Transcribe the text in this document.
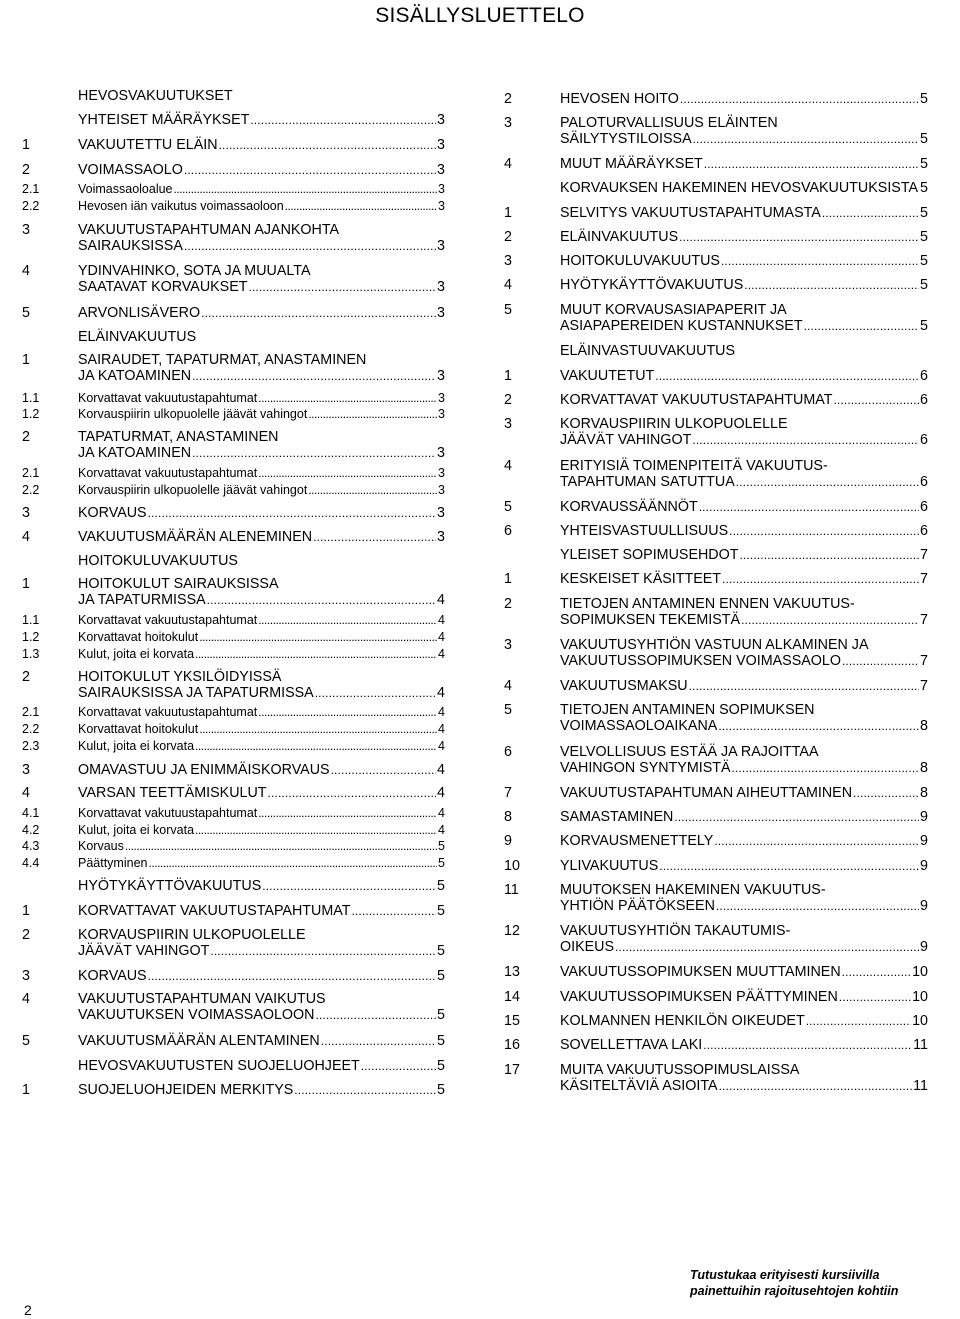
SISÄLLYSLUETTELO
HEVOSVAKUUTUKSET
YHTEISET MÄÄRÄYKSET . . .	3
1	VAKUUTETTU ELÄIN . . .	3
2	VOIMASSAOLO . . .	3
2.1	Voimassaoloalue . . .	3
2.2	Hevosen iän vaikutus voimassaoloon . . .	3
3	VAKUUTUSTAPAHTUMAN AJANKOHTA
SAIRAUKSISSA . . .	3
4	YDINVAHINKO, SOTA JA MUUALTA
SAATAVAT KORVAUKSET . . .	3
5	ARVONLISÄVERO . . .	3
ELÄINVAKUUTUS
1	SAIRAUDET, TAPATURMAT, ANASTAMINEN
JA KATOAMINEN . . .	3
1.1	Korvattavat vakuutustapahtumat . . .	3
1.2	Korvauspiirin ulkopuolelle jäävät vahingot . . .	3
2	TAPATURMAT, ANASTAMINEN
JA KATOAMINEN . . .	3
2.1	Korvattavat vakuutustapahtumat . . .	3
2.2	Korvauspiirin ulkopuolelle jäävät vahingot . . .	3
3	KORVAUS . . .	3
4	VAKUUTUSMÄÄRÄN ALENEMINEN . . .	3
HOITOKULUVAKUUTUS
1	HOITOKULUT SAIRAUKSISSA
JA TAPATURMISSA . . .	4
1.1	Korvattavat vakuutustapahtumat . . .	4
1.2	Korvattavat hoitokulut . . .	4
1.3	Kulut, joita ei korvata . . .	4
2	HOITOKULUT YKSILÖIDYISSÄ
SAIRAUKSISSA JA TAPATURMISSA . . .	4
2.1	Korvattavat vakuutustapahtumat . . .	4
2.2	Korvattavat hoitokulut . . .	4
2.3	Kulut, joita ei korvata . . .	4
3	OMAVASTUU JA ENIMMÄISKORVAUS . . .	4
4	VARSAN TEETTÄMISKULUT . . .	4
4.1	Korvattavat vakutuustapahtumat . . .	4
4.2	Kulut, joita ei korvata . . .	4
4.3	Korvaus . . .	5
4.4	Päättyminen . . .	5
HYÖTYKÄYTTÖVAKUUTUS . . .	5
1	KORVATTAVAT VAKUUTUSTAPAHTUMAT . . .	5
2	KORVAUSPIIRIN ULKOPUOLELLE
JÄÄVÄT VAHINGOT . . .	5
3	KORVAUS . . .	5
4	VAKUUTUSTAPAHTUMAN VAIKUTUS
VAKUUTUKSEN VOIMASSAOLOON . . .	5
5	VAKUUTUSMÄÄRÄN ALENTAMINEN . . .	5
HEVOSVAKUUTUSTEN SUOJELUOHJEET . . .	5
1	SUOJELUOHJEIDEN MERKITYS . . .	5
2	HEVOSEN HOITO . . .	5
3	PALOTURVALLISUUS ELÄINTEN
SÄILYTYSTILOISSA . . .	5
4	MUUT MÄÄRÄYKSET . . .	5
KORVAUKSEN HAKEMINEN HEVOSVAKUUTUKSISTA . . . 5
1	SELVITYS VAKUUTUSTAPAHTUMASTA . . .	5
2	ELÄINVAKUUTUS . . .	5
3	HOITOKULUVAKUUTUS . . .	5
4	HYÖTYKÄYTTÖVAKUUTUS . . .	5
5	MUUT KORVAUSASIAPAPERIT JA
ASIAPAPEREIDEN KUSTANNUKSET . . .	5
ELÄINVASTUUVAKUUTUS
1	VAKUUTETUT . . .	6
2	KORVATTAVAT VAKUUTUSTAPAHTUMAT . . .	6
3	KORVAUSPIIRIN ULKOPUOLELLE
JÄÄVÄT VAHINGOT . . .	6
4	ERITYISIÄ TOIMENPITEITÄ VAKUUTUS-
TAPAHTUMAN SATUTTUA . . .	6
5	KORVAUSSÄÄNNÖT . . .	6
6	YHTEISVASTUULLISUUS . . .	6
YLEISET SOPIMUSEHDOT . . .	7
1	KESKEISET KÄSITTEET . . .	7
2	TIETOJEN ANTAMINEN ENNEN VAKUUTUS-
SOPIMUKSEN TEKEMISTÄ . . .	7
3	VAKUUTUSYHTIÖN VASTUUN ALKAMINEN JA
VAKUUTUSSOPIMUKSEN VOIMASSAOLO . . .	7
4	VAKUUTUSMAKSU . . .	7
5	TIETOJEN ANTAMINEN SOPIMUKSEN
VOIMASSAOLOAIKANA . . .	8
6	VELVOLLISUUS ESTÄÄ JA RAJOITTAA
VAHINGON SYNTYMISTÄ . . .	8
7	VAKUUTUSTAPAHTUMAN AIHEUTTAMINEN . . .	8
8	SAMASTAMINEN . . .	9
9	KORVAUSMENETTELY . . .	9
10	YLIVAKUUTUS . . .	9
11	MUUTOKSEN HAKEMINEN VAKUUTUS-
YHTIÖN PÄÄTÖKSEEN . . .	9
12	VAKUUTUSYHTIÖN TAKAUTUMIS-
OIKEUS . . .	9
13	VAKUUTUSSOPIMUKSEN MUUTTAMINEN . . .	10
14	VAKUUTUSSOPIMUKSEN PÄÄTTYMINEN . . .	10
15	KOLMANNEN HENKILÖN OIKEUDET . . .	10
16	SOVELLETTAVA LAKI . . .	11
17	MUITA VAKUUTUSSOPIMUSLAISSA
KÄSITELTÄVIÄ ASIOITA . . .	11
Tutustukaa erityisesti kursiivilla
painettuihin rajoitusehtojen kohtiin
2
